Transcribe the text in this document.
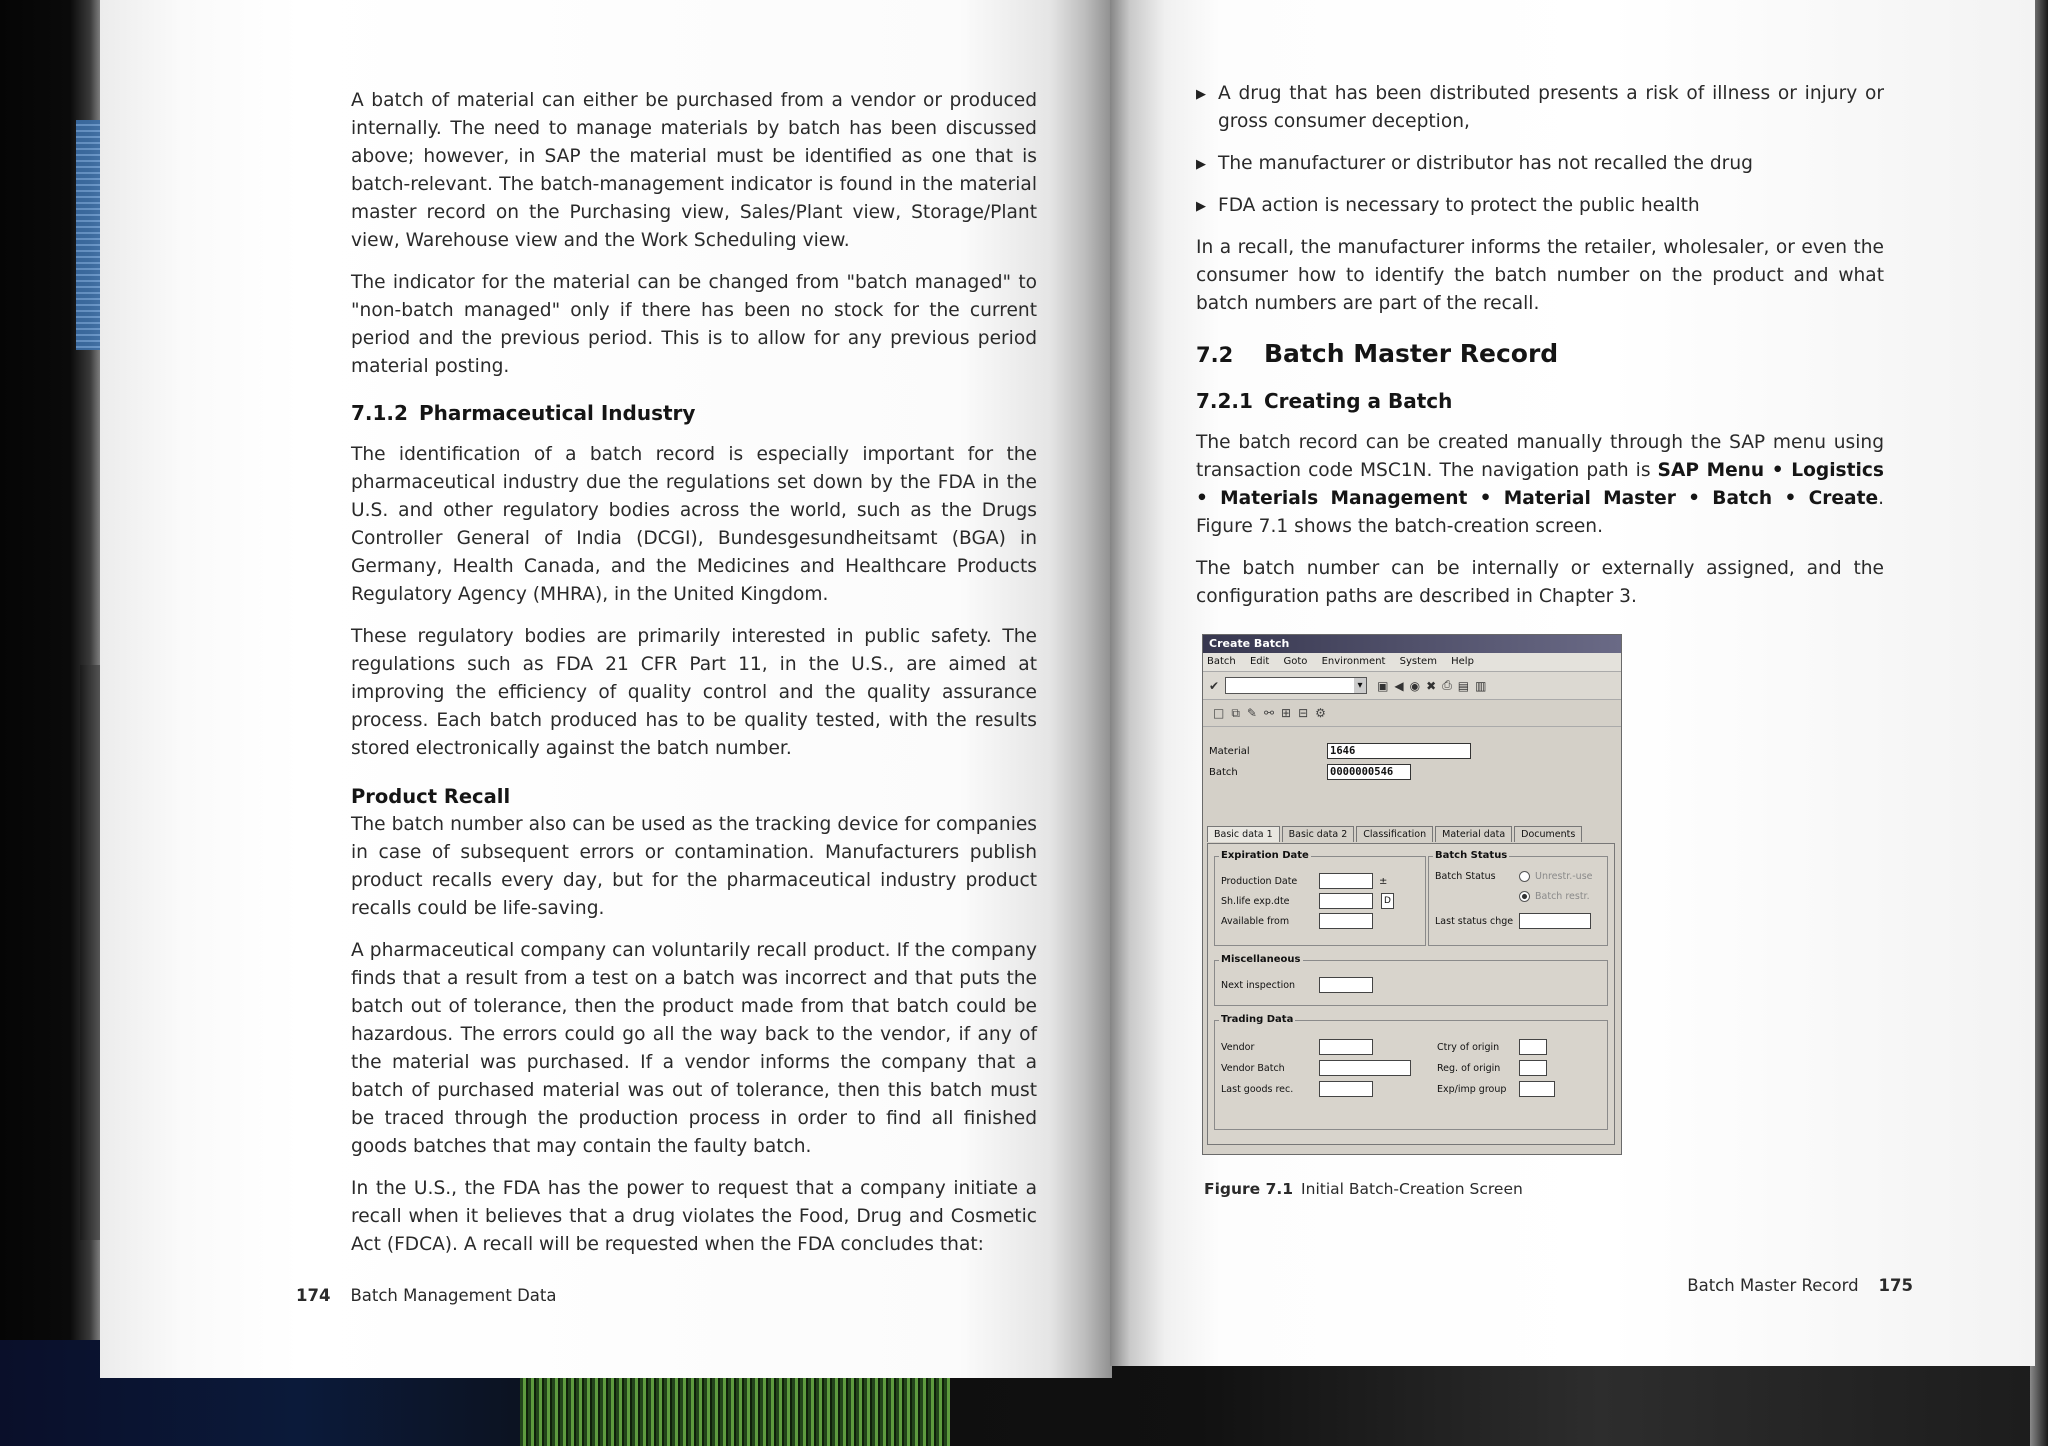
A batch of material can either be purchased from a vendor or produced internally. The need to manage materials by batch has been discussed above; however, in SAP the material must be identified as one that is batch-relevant. The batch-management indicator is found in the material master record on the Purchasing view, Sales/Plant view, Storage/Plant view, Warehouse view and the Work Scheduling view.

The indicator for the material can be changed from "batch managed" to "non-batch managed" only if there has been no stock for the current period and the previous period. This is to allow for any previous period material posting.

7.1.2 Pharmaceutical Industry

The identification of a batch record is especially important for the pharmaceutical industry due the regulations set down by the FDA in the U.S. and other regulatory bodies across the world, such as the Drugs Controller General of India (DCGI), Bundesgesundheitsamt (BGA) in Germany, Health Canada, and the Medicines and Healthcare Products Regulatory Agency (MHRA), in the United Kingdom.

These regulatory bodies are primarily interested in public safety. The regulations such as FDA 21 CFR Part 11, in the U.S., are aimed at improving the efficiency of quality control and the quality assurance process. Each batch produced has to be quality tested, with the results stored electronically against the batch number.

Product Recall

The batch number also can be used as the tracking device for companies in case of subsequent errors or contamination. Manufacturers publish product recalls every day, but for the pharmaceutical industry product recalls could be life-saving.

A pharmaceutical company can voluntarily recall product. If the company finds that a result from a test on a batch was incorrect and that puts the batch out of tolerance, then the product made from that batch could be hazardous. The errors could go all the way back to the vendor, if any of the material was purchased. If a vendor informs the company that a batch of purchased material was out of tolerance, then this batch must be traced through the production process in order to find all finished goods batches that may contain the faulty batch.

In the U.S., the FDA has the power to request that a company initiate a recall when it believes that a drug violates the Food, Drug and Cosmetic Act (FDCA). A recall will be requested when the FDA concludes that:

174 Batch Management Data

▶ A drug that has been distributed presents a risk of illness or injury or gross consumer deception,

▶ The manufacturer or distributor has not recalled the drug

▶ FDA action is necessary to protect the public health

In a recall, the manufacturer informs the retailer, wholesaler, or even the consumer how to identify the batch number on the product and what batch numbers are part of the recall.

7.2 Batch Master Record
7.2.1 Creating a Batch

The batch record can be created manually through the SAP menu using transaction code MSC1N. The navigation path is SAP Menu • Logistics • Materials Management • Material Master • Batch • Create. Figure 7.1 shows the batch-creation screen.

The batch number can be internally or externally assigned, and the configuration paths are described in Chapter 3.

Create Batch
Batch Edit Goto Environment System Help
✔
▾	▣ ◀ ◉ ✖ ⎙ ▤ ▥
□ ⧉ ✎ ⚯ ⊞ ⊟ ⚙
Material	1646
Batch	0000000546
Basic data 1	Basic data 2	Classification	Material data	Documents
Expiration Date
Production Date	±
Sh.life exp.dte	D
Available from
Batch Status
Batch Status	Unrestr.-use
Batch restr.
Last status chge
Miscellaneous
Next inspection
Trading Data
Vendor
Vendor Batch
Last goods rec.
Ctry of origin
Reg. of origin
Exp/imp group
Figure 7.1 Initial Batch-Creation Screen
Batch Master Record 175
